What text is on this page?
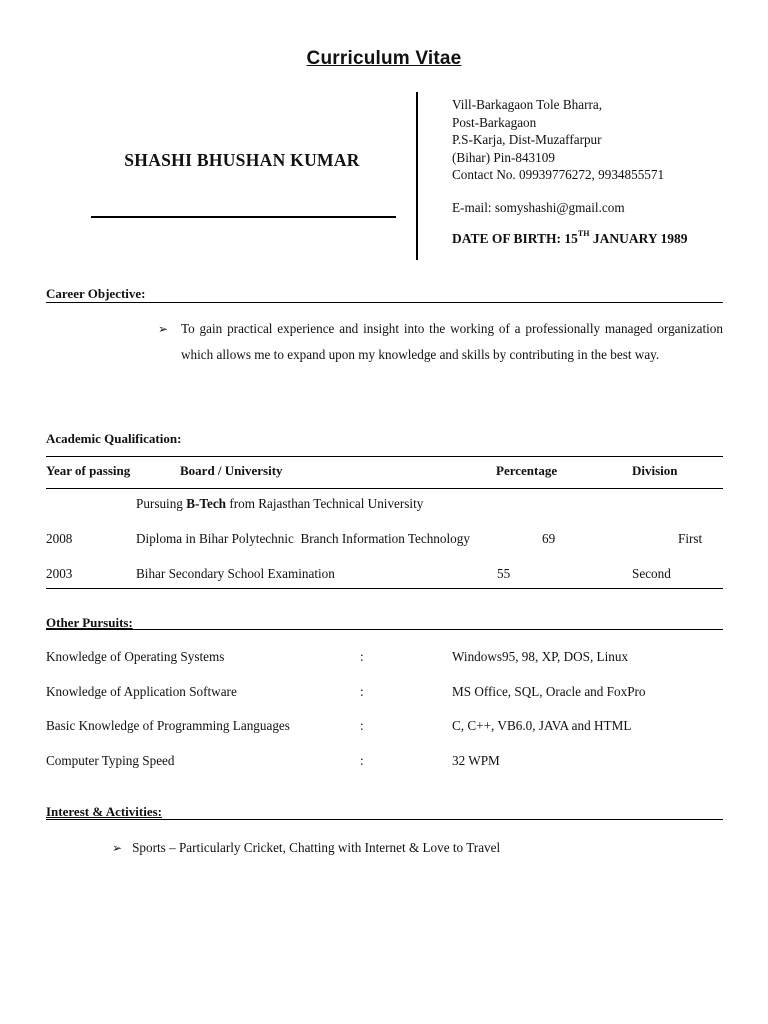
Curriculum Vitae
SHASHI BHUSHAN KUMAR
Vill-Barkagaon Tole Bharra,
Post-Barkagaon
P.S-Karja, Dist-Muzaffarpur
(Bihar) Pin-843109
Contact No. 09939776272, 9934855571
E-mail: somyshashi@gmail.com
DATE OF BIRTH: 15TH JANUARY 1989
Career Objective:
➢ To gain practical experience and insight into the working of a professionally managed organization which allows me to expand upon my knowledge and skills by contributing in the best way.
Academic Qualification:
Year of passing	Board / University	Percentage	Division
Pursuing B-Tech from Rajasthan Technical University
2008	Diploma in Bihar Polytechnic  Branch Information Technology	69	First
2003	Bihar Secondary School Examination	55	Second
Other Pursuits:
Knowledge of Operating Systems	:	Windows95, 98, XP, DOS, Linux
Knowledge of Application Software	:	MS Office, SQL, Oracle and FoxPro
Basic Knowledge of Programming Languages	:	C, C++, VB6.0, JAVA and HTML
Computer Typing Speed	:	32 WPM
Interest & Activities:
➢ Sports – Particularly Cricket, Chatting with Internet & Love to Travel
